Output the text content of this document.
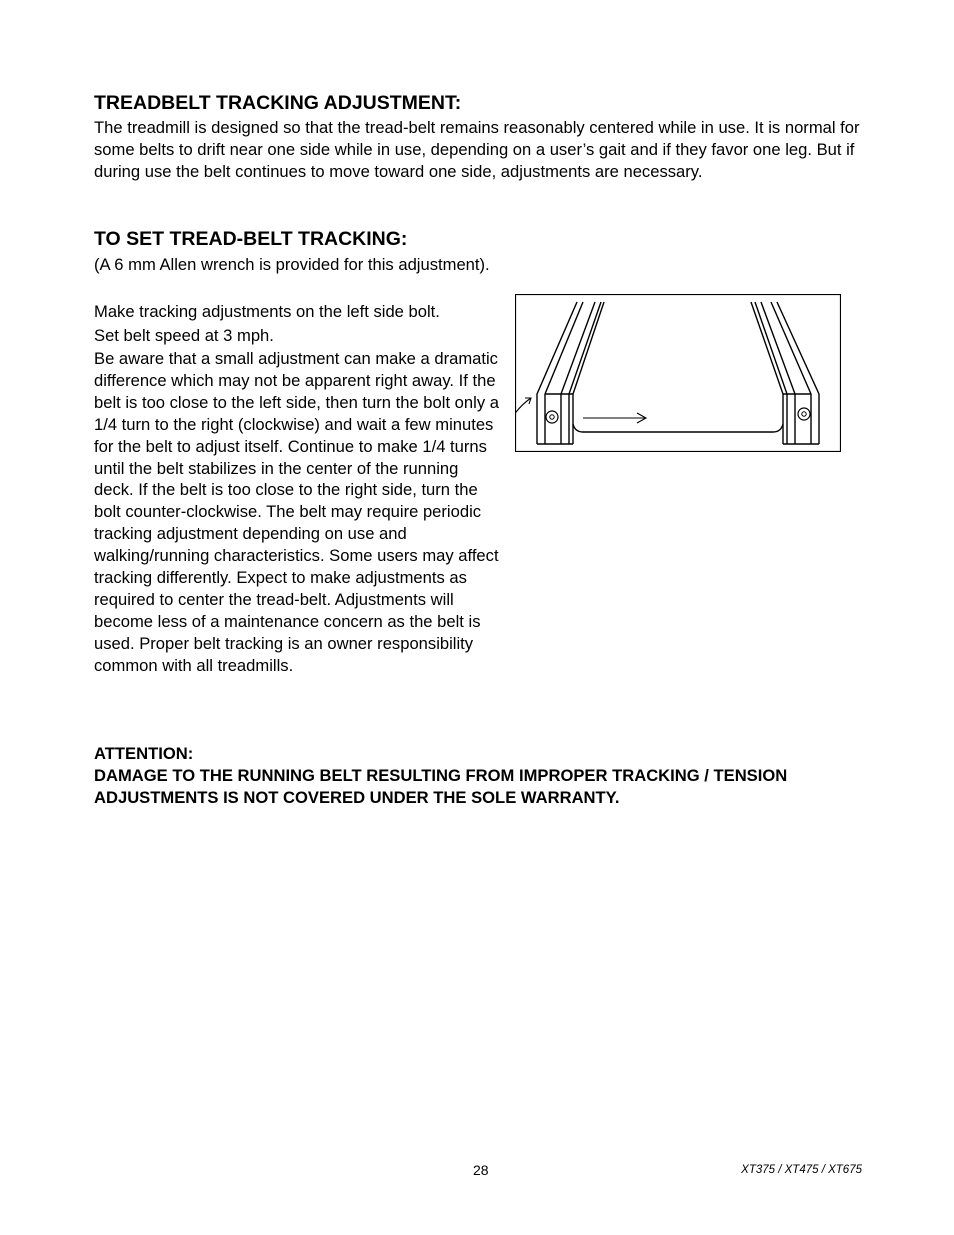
TREADBELT TRACKING ADJUSTMENT:

The treadmill is designed so that the tread-belt remains reasonably centered while in use. It is normal for some belts to drift near one side while in use, depending on a user’s gait and if they favor one leg. But if during use the belt continues to move toward one side, adjustments are necessary.

TO SET TREAD-BELT TRACKING:

(A 6 mm Allen wrench is provided for this adjustment).

Make tracking adjustments on the left side bolt.

Set belt speed at 3 mph.

Be aware that a small adjustment can make a dramatic difference which may not be apparent right away. If the belt is too close to the left side, then turn the bolt only a 1/4 turn to the right (clockwise) and wait a few minutes for the belt to adjust itself. Continue to make 1/4 turns until the belt stabilizes in the center of the running deck. If the belt is too close to the right side, turn the bolt counter-clockwise. The belt may require periodic tracking adjustment depending on use and walking/running characteristics. Some users may affect tracking differently. Expect to make adjustments as required to center the tread-belt. Adjustments will become less of a maintenance concern as the belt is used. Proper belt tracking is an owner responsibility common with all treadmills.

ATTENTION:

DAMAGE TO THE RUNNING BELT RESULTING FROM IMPROPER TRACKING / TENSION ADJUSTMENTS IS NOT COVERED UNDER THE SOLE WARRANTY.

28	XT375 / XT475 / XT675
